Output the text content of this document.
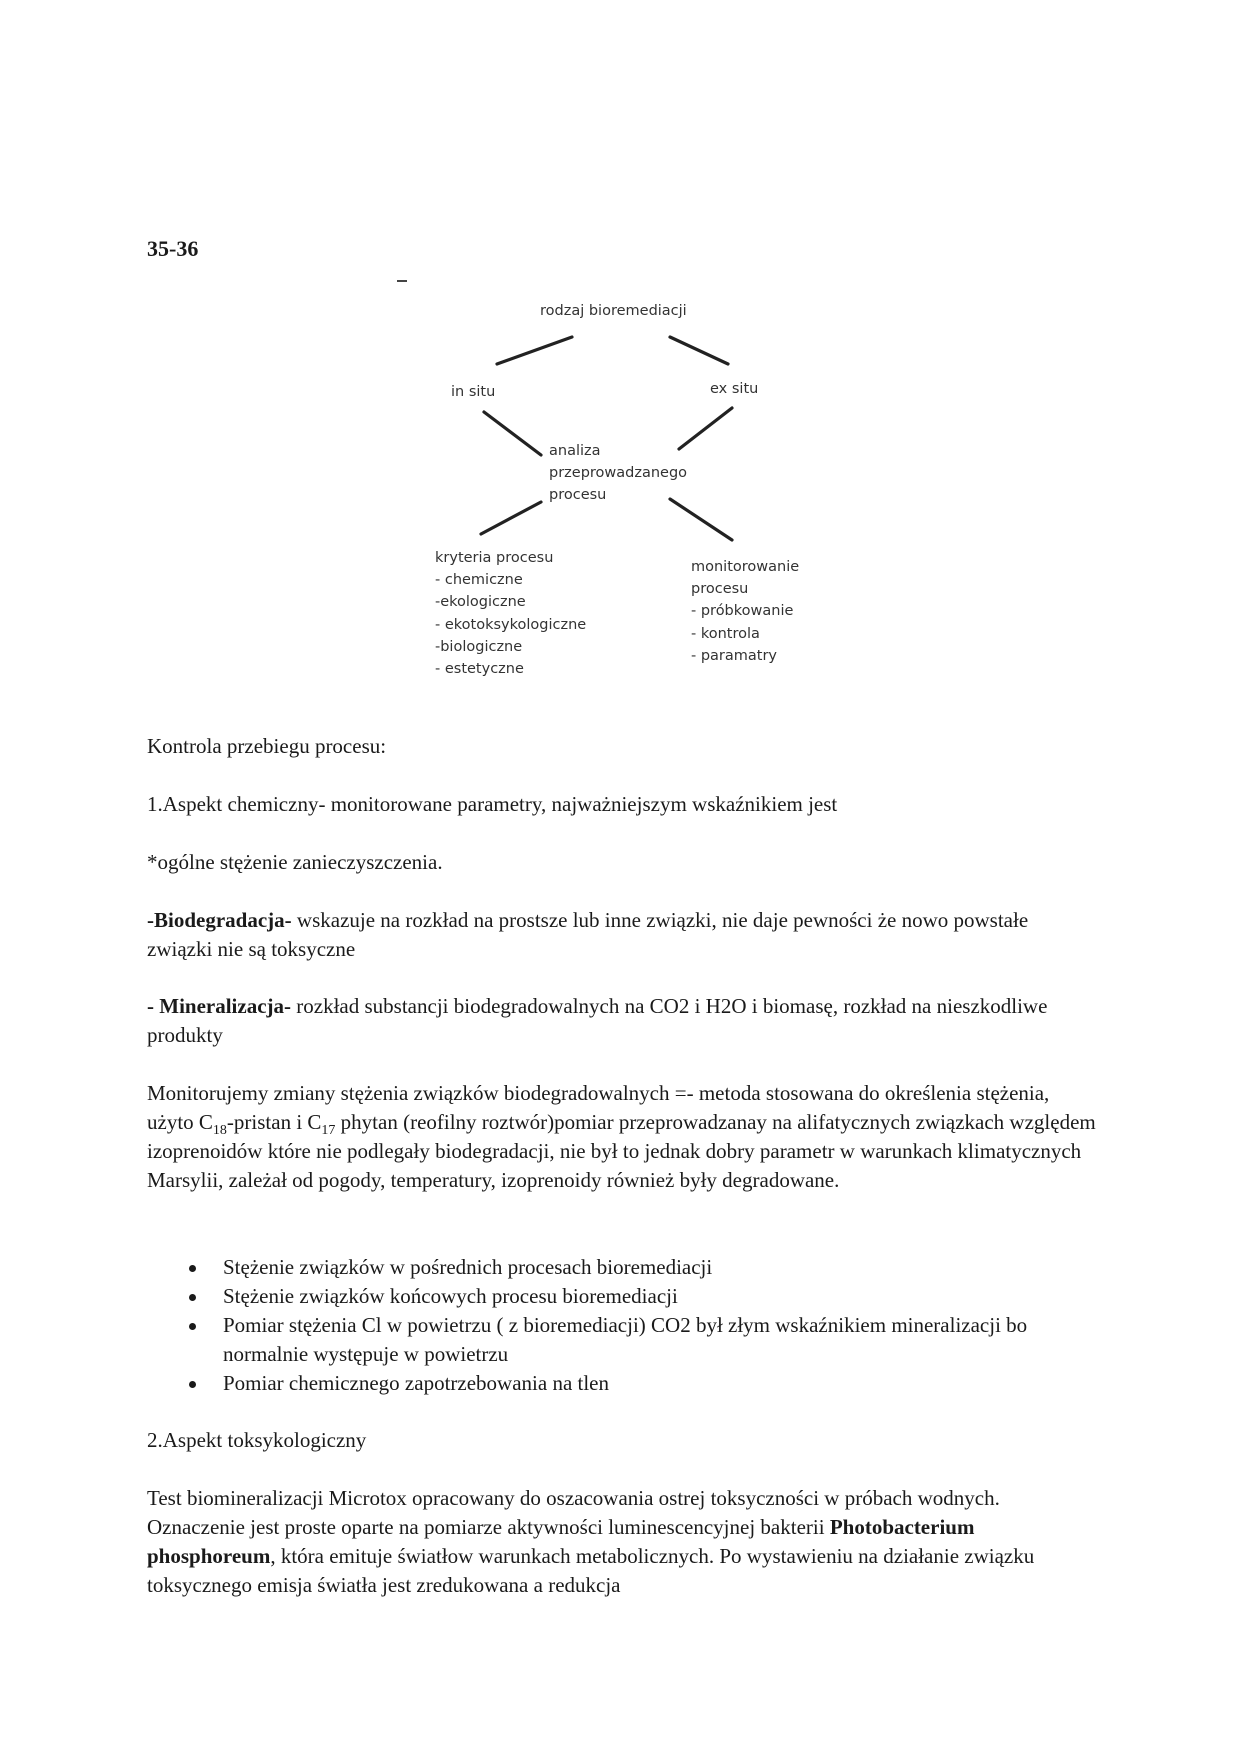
35-36
rodzaj bioremediacji
in situ	ex situ
analiza
przeprowadzanego
procesu
kryteria procesu
- chemiczne
-ekologiczne
- ekotoksykologiczne
-biologiczne
- estetyczne
monitorowanie
procesu
- próbkowanie
- kontrola
- paramatry
Kontrola przebiegu procesu:
1.Aspekt chemiczny- monitorowane parametry, najważniejszym wskaźnikiem jest
*ogólne stężenie zanieczyszczenia.
-Biodegradacja- wskazuje na rozkład na prostsze lub inne związki, nie daje pewności że nowo powstałe związki nie są toksyczne
- Mineralizacja- rozkład substancji biodegradowalnych na CO2 i H2O i biomasę, rozkład na nieszkodliwe produkty
Monitorujemy zmiany stężenia związków biodegradowalnych =- metoda stosowana do określenia stężenia, użyto $C_{18}$-pristan i $C_{17}$ phytan (reofilny roztwór)pomiar przeprowadzanay na alifatycznych związkach względem izoprenoidów które nie podlegały biodegradacji, nie był to jednak dobry parametr w warunkach klimatycznych Marsylii, zależał od pogody, temperatury, izoprenoidy również były degradowane.
Stężenie związków w pośrednich procesach bioremediacji
Stężenie związków końcowych procesu bioremediacji
Pomiar stężenia Cl w powietrzu ( z bioremediacji) CO2 był złym wskaźnikiem mineralizacji bo normalnie występuje w powietrzu
Pomiar chemicznego zapotrzebowania na tlen
2.Aspekt toksykologiczny
Test biomineralizacji Microtox opracowany do oszacowania ostrej toksyczności w próbach wodnych. Oznaczenie jest proste oparte na pomiarze aktywności luminescencyjnej bakterii Photobacterium phosphoreum, która emituje światłow warunkach metabolicznych. Po wystawieniu na działanie związku toksycznego emisja światła jest zredukowana a redukcja
